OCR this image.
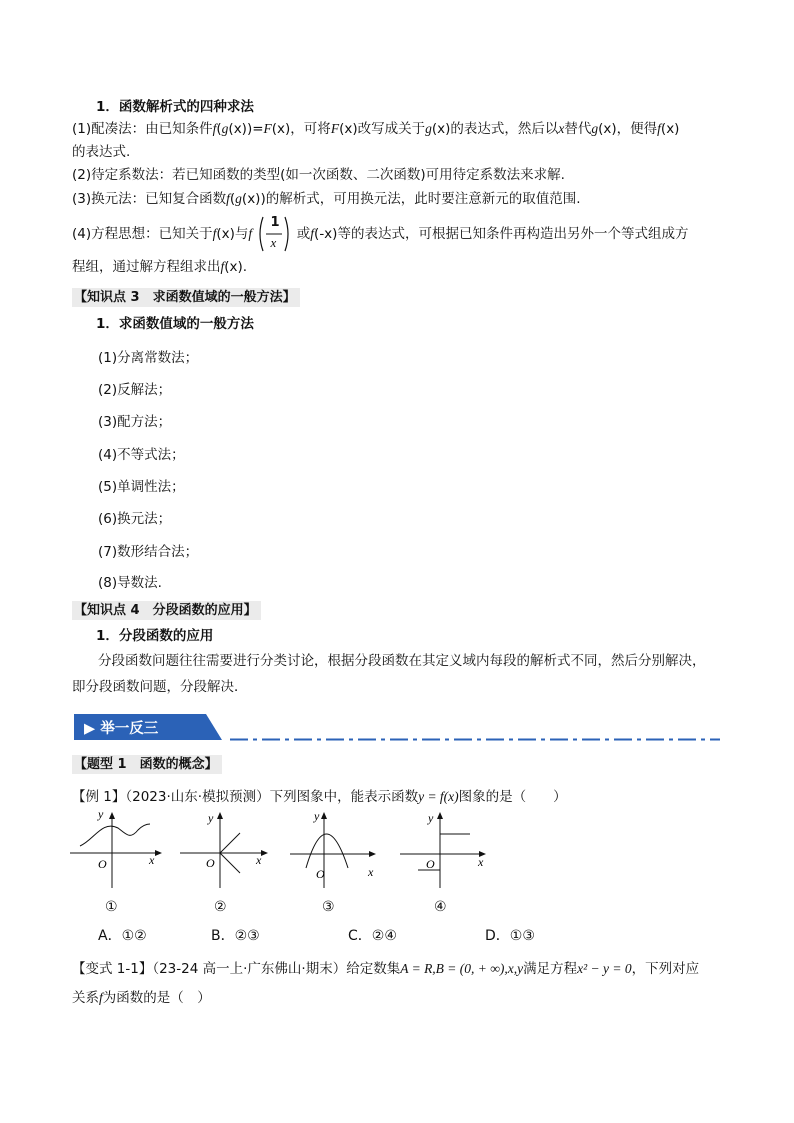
1．函数解析式的四种求法
(1)配凑法：由已知条件f(g(x))=F(x)，可将F(x)改写成关于g(x)的表达式，然后以x替代g(x)，便得f(x)
的表达式.
(2)待定系数法：若已知函数的类型(如一次函数、二次函数)可用待定系数法来求解.
(3)换元法：已知复合函数f(g(x))的解析式，可用换元法，此时要注意新元的取值范围.
(4)方程思想：已知关于f(x)与f
1
x
或f(-x)等的表达式，可根据已知条件再构造出另外一个等式组成方
程组，通过解方程组求出f(x).
【知识点 3　求函数值域的一般方法】
1．求函数值域的一般方法
(1)分离常数法；
(2)反解法；
(3)配方法；
(4)不等式法；
(5)单调性法；
(6)换元法；
(7)数形结合法；
(8)导数法.
【知识点 4　分段函数的应用】
1．分段函数的应用
分段函数问题往往需要进行分类讨论，根据分段函数在其定义域内每段的解析式不同，然后分别解决，
即分段函数问题，分段解决．
▶ 举一反三
【题型 1　函数的概念】
【例 1】（2023·山东·模拟预测）下列图象中，能表示函数y = f(x)图象的是（　　）
y
x
O
y
x
O
y
x
O
y
x
O
①	②	③	④
A．①②	B．②③	C．②④	D．①③
【变式 1-1】（23-24 高一上·广东佛山·期末）给定数集A = R,B = (0, + ∞),x,y满足方程x² − y = 0，下列对应
关系f为函数的是（　）
